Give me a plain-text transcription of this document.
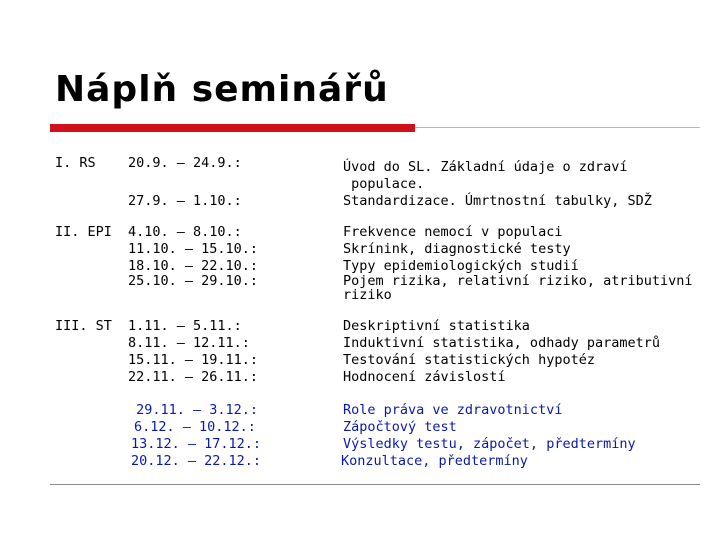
Náplň seminářů
I. RS 20.9. – 24.9.:
27.9. – 1.10.:
Úvod do SL. Základní údaje o zdraví
populace.
Standardizace. Úmrtnostní tabulky, SDŽ
II. EPI 4.10. – 8.10.:
11.10. – 15.10.:
18.10. – 22.10.:
25.10. – 29.10.:
Frekvence nemocí v populaci
Skrínink, diagnostické testy
Typy epidemiologických studií
Pojem rizika, relativní riziko, atributivní
riziko
III. ST 1.11. – 5.11.:
8.11. – 12.11.:
15.11. – 19.11.:
22.11. – 26.11.:
Deskriptivní statistika
Induktivní statistika, odhady parametrů
Testování statistických hypotéz
Hodnocení závislostí
29.11. – 3.12.:
6.12. – 10.12.:
13.12. – 17.12.:
20.12. – 22.12.:
Role práva ve zdravotnictví
Zápočtový test
Výsledky testu, zápočet, předtermíny
Konzultace, předtermíny
